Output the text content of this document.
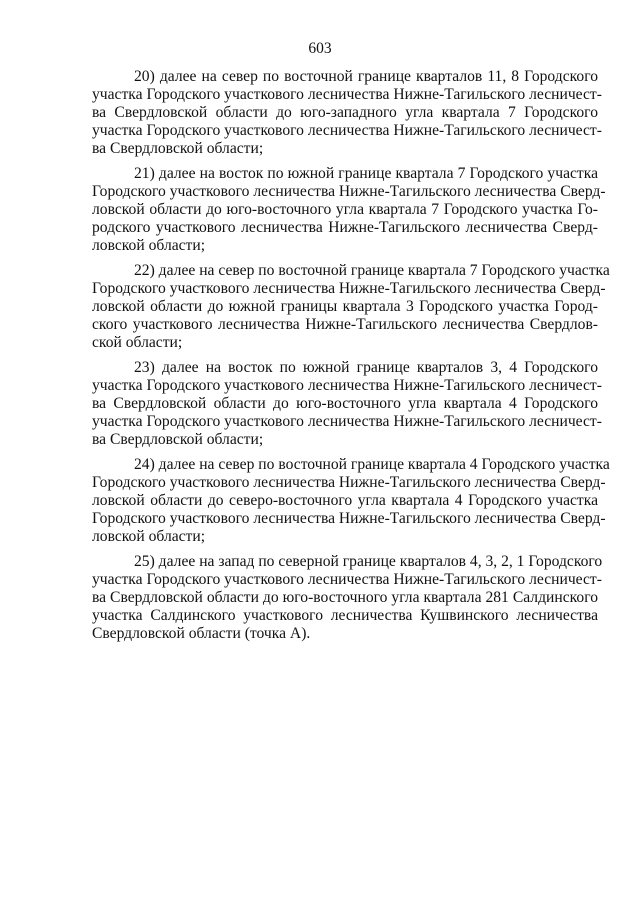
603

20) далее на север по восточной границе кварталов 11, 8 Городского
участка Городского участкового лесничества Нижне-Тагильского лесничест-
ва Свердловской области до юго-западного угла квартала 7 Городского
участка Городского участкового лесничества Нижне-Тагильского лесничест-
ва Свердловской области;

21) далее на восток по южной границе квартала 7 Городского участка
Городского участкового лесничества Нижне-Тагильского лесничества Сверд-
ловской области до юго-восточного угла квартала 7 Городского участка Го-
родского участкового лесничества Нижне-Тагильского лесничества Сверд-
ловской области;

22) далее на север по восточной границе квартала 7 Городского участка
Городского участкового лесничества Нижне-Тагильского лесничества Сверд-
ловской области до южной границы квартала 3 Городского участка Город-
ского участкового лесничества Нижне-Тагильского лесничества Свердлов-
ской области;

23) далее на восток по южной границе кварталов 3, 4 Городского
участка Городского участкового лесничества Нижне-Тагильского лесничест-
ва Свердловской области до юго-восточного угла квартала 4 Городского
участка Городского участкового лесничества Нижне-Тагильского лесничест-
ва Свердловской области;

24) далее на север по восточной границе квартала 4 Городского участка
Городского участкового лесничества Нижне-Тагильского лесничества Сверд-
ловской области до северо-восточного угла квартала 4 Городского участка
Городского участкового лесничества Нижне-Тагильского лесничества Сверд-
ловской области;

25) далее на запад по северной границе кварталов 4, 3, 2, 1 Городского
участка Городского участкового лесничества Нижне-Тагильского лесничест-
ва Свердловской области до юго-восточного угла квартала 281 Салдинского
участка Салдинского участкового лесничества Кушвинского лесничества
Свердловской области (точка А).
